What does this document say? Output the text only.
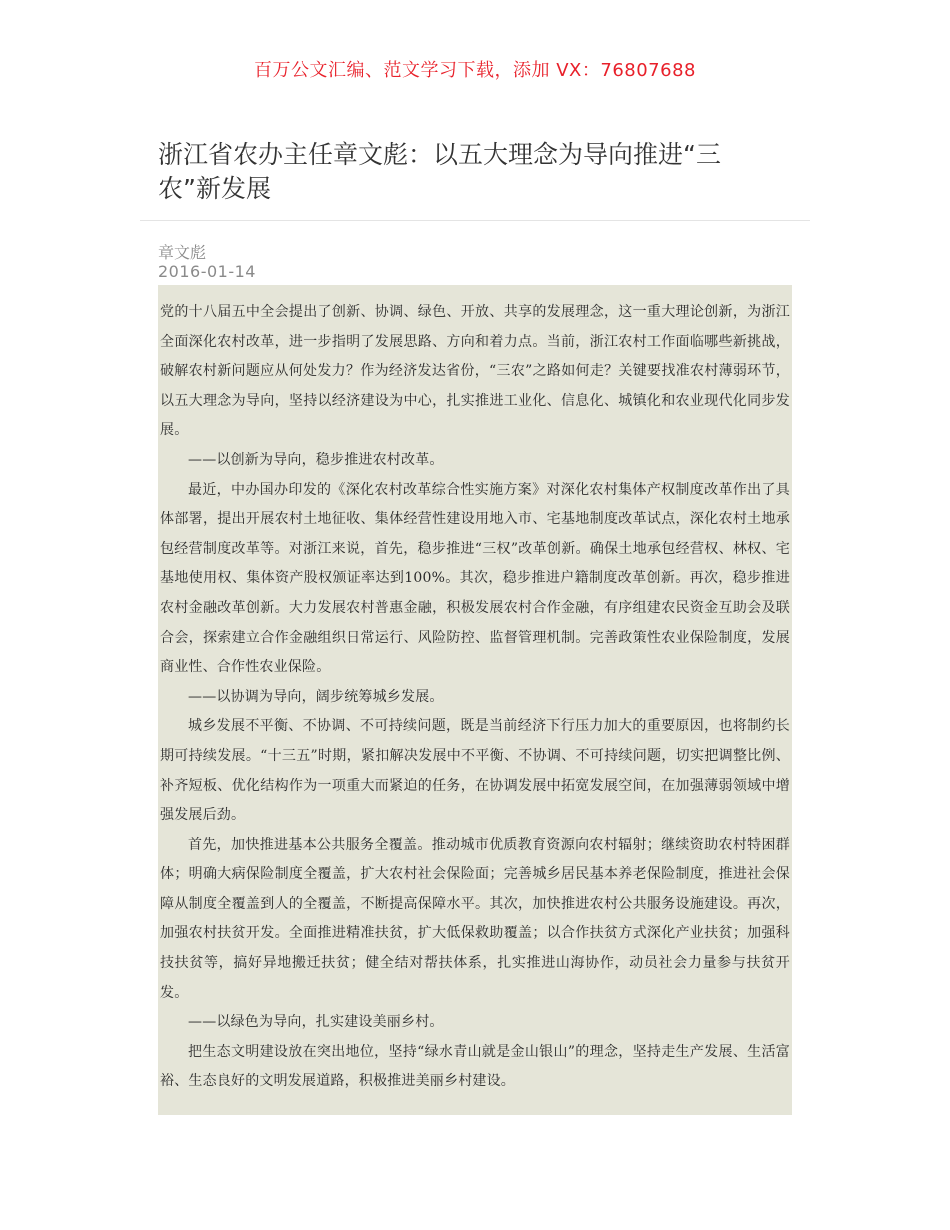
百万公文汇编、范文学习下载，添加 VX：76807688
浙江省农办主任章文彪：以五大理念为导向推进“三农”新发展
章文彪
2016-01-14

党的十八届五中全会提出了创新、协调、绿色、开放、共享的发展理念，这一重大理论创新，为浙江全面深化农村改革，进一步指明了发展思路、方向和着力点。当前，浙江农村工作面临哪些新挑战，破解农村新问题应从何处发力？作为经济发达省份，“三农”之路如何走？关键要找准农村薄弱环节，以五大理念为导向，坚持以经济建设为中心，扎实推进工业化、信息化、城镇化和农业现代化同步发展。

——以创新为导向，稳步推进农村改革。

最近，中办国办印发的《深化农村改革综合性实施方案》对深化农村集体产权制度改革作出了具体部署，提出开展农村土地征收、集体经营性建设用地入市、宅基地制度改革试点，深化农村土地承包经营制度改革等。对浙江来说，首先，稳步推进“三权”改革创新。确保土地承包经营权、林权、宅基地使用权、集体资产股权颁证率达到100%。其次，稳步推进户籍制度改革创新。再次，稳步推进农村金融改革创新。大力发展农村普惠金融，积极发展农村合作金融，有序组建农民资金互助会及联合会，探索建立合作金融组织日常运行、风险防控、监督管理机制。完善政策性农业保险制度，发展商业性、合作性农业保险。

——以协调为导向，阔步统筹城乡发展。

城乡发展不平衡、不协调、不可持续问题，既是当前经济下行压力加大的重要原因，也将制约长期可持续发展。“十三五”时期，紧扣解决发展中不平衡、不协调、不可持续问题，切实把调整比例、补齐短板、优化结构作为一项重大而紧迫的任务，在协调发展中拓宽发展空间，在加强薄弱领域中增强发展后劲。

首先，加快推进基本公共服务全覆盖。推动城市优质教育资源向农村辐射；继续资助农村特困群体；明确大病保险制度全覆盖，扩大农村社会保险面；完善城乡居民基本养老保险制度，推进社会保障从制度全覆盖到人的全覆盖，不断提高保障水平。其次，加快推进农村公共服务设施建设。再次，加强农村扶贫开发。全面推进精准扶贫，扩大低保救助覆盖；以合作扶贫方式深化产业扶贫；加强科技扶贫等，搞好异地搬迁扶贫；健全结对帮扶体系，扎实推进山海协作，动员社会力量参与扶贫开发。

——以绿色为导向，扎实建设美丽乡村。

把生态文明建设放在突出地位，坚持“绿水青山就是金山银山”的理念，坚持走生产发展、生活富裕、生态良好的文明发展道路，积极推进美丽乡村建设。
